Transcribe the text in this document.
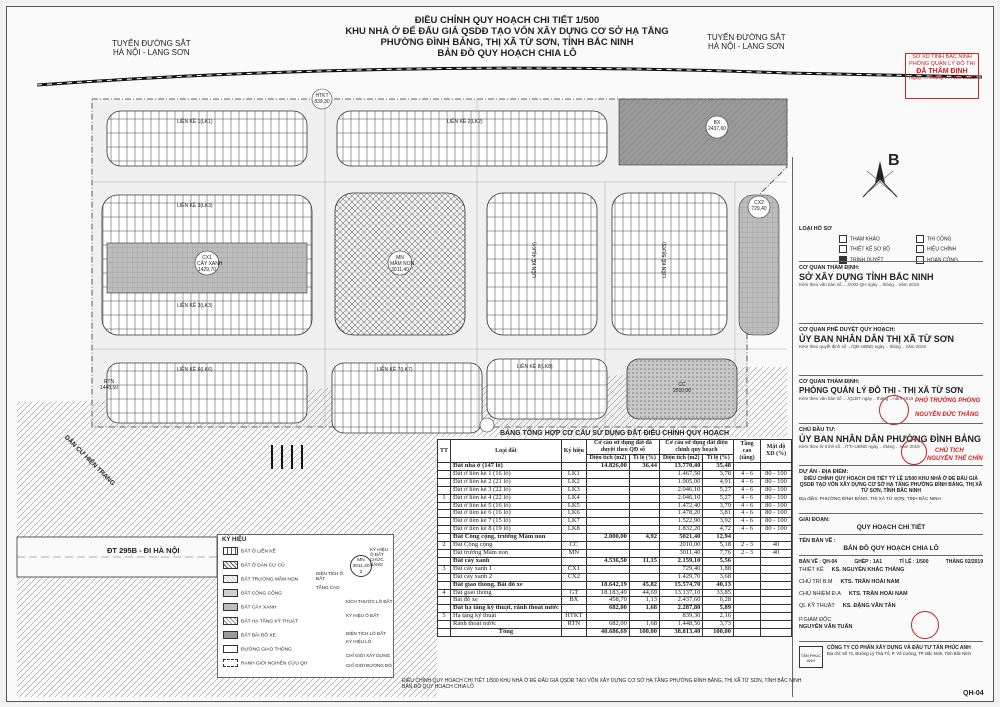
ĐIỀU CHỈNH QUY HOẠCH CHI TIẾT 1/500
KHU NHÀ Ở ĐỂ ĐẤU GIÁ QSDĐ TẠO VỐN XÂY DỰNG CƠ SỞ HẠ TẦNG
PHƯỜNG ĐÌNH BẢNG, THỊ XÃ TỪ SƠN, TỈNH BẮC NINH
BẢN ĐỒ QUY HOẠCH CHIA LÔ
TUYẾN ĐƯỜNG SẮT
HÀ NỘI - LẠNG SƠN
TUYẾN ĐƯỜNG SẮT
HÀ NỘI - LẠNG SƠN
SỞ XD TỈNH BẮC NINH
PHÒNG QUẢN LÝ ĐÔ THỊ
ĐÃ THẨM ĐỊNH
Ngày ... tháng ... năm 2019
LIỀN KỀ 1(LK1)	LIỀN KỀ 2(LK2)
LIỀN KỀ 3(LK3)
LIỀN KỀ 4(LK4)	LIỀN KỀ 5(LK5)
LIỀN KỀ 6(LK6)	LIỀN KỀ 7(LK7)	LIỀN KỀ 8(LK8)
LIỀN KỀ 3(LK3)
CX1
CÂY XANH
1429,70
MN
MẦM NON
3011,40
CX2
729,40
BX
2437,60
CC
2010,00
HTKT
839,30
RTN
1448,50
ĐT 295B - ĐI HÀ NỘI
DÂN CƯ HIỆN TRẠNG
KÝ HIỆU
ĐẤT Ở LIỀN KỀ
ĐẤT Ở DÂN CƯ CŨ
ĐẤT TRƯỜNG MẦM NON
ĐẤT CÔNG CỘNG
ĐẤT CÂY XANH
ĐẤT HẠ TẦNG KỸ THUẬT
ĐẤT BÃI ĐỖ XE
ĐƯỜNG GIAO THÔNG
RANH GIỚI NGHIÊN CỨU QH
MN
3011,40
2
KÝ HIỆU Ô ĐẤT CHỨC NĂNG
DIỆN TÍCH Ô ĐẤT
TẦNG CAO
KÍCH THƯỚC LÔ ĐẤT
KÝ HIỆU Ô ĐẤT
DIỆN TÍCH LÔ ĐẤT
KÝ HIỆU LÔ
CHỈ GIỚI XÂY DỰNG
CHỈ GIỚI ĐƯỜNG ĐỎ
BẢNG TỔNG HỢP CƠ CẤU SỬ DỤNG ĐẤT ĐIỀU CHỈNH QUY HOẠCH
TT	Loại đất	Ký hiệu	Cơ cấu sử dụng đất đã duyệt theo QĐ số		Cơ cấu sử dụng đất điều chỉnh quy hoạch		Tầng cao (tầng)	Mật độ XD (%)
			Diện tích (m2)	Tỉ lệ (%)	Diện tích (m2)	Tỉ lệ (%)		
	Đất nhà ở (147 lô)		14.826,00	36,44	13.770,40	35,48		
	Đất ở liền kề 1 (16 lô)	LK1			1.467,50	3,78	4 - 6	80 - 100
	Đất ở liền kề 2 (21 lô)	LK2			1.905,00	4,91	4 - 6	80 - 100
	Đất ở liền kề 3 (22 lô)	LK3			2.046,10	5,27	4 - 6	80 - 100
1	Đất ở liền kề 4 (22 lô)	LK4			2.046,10	5,27	4 - 6	80 - 100
	Đất ở liền kề 5 (16 lô)	LK5			1.472,40	3,79	4 - 6	80 - 100
	Đất ở liền kề 6 (16 lô)	LK6			1.478,20	3,81	4 - 6	80 - 100
	Đất ở liền kề 7 (15 lô)	LK7			1.522,90	3,92	4 - 6	80 - 100
	Đất ở liền kề 8 (19 lô)	LK8			1.832,20	4,72	4 - 6	80 - 100
	Đất Công cộng, trường Mầm non		2.000,00	4,92	5021,40	12,94		
2	Đất Công cộng	CC			2010,00	5,18	2 - 3	40
	Đất trường Mầm non	MN			3011,40	7,76	2 - 3	40
	Đất cây xanh		4.536,50	11,15	2.159,10	5,56		
3	Đất cây xanh 1	CX1			729,40	1,88		
	Đất cây xanh 2	CX2			1.429,70	3,68		
	Đất giao thông, Bãi đỗ xe		18.642,19	45,82	15.574,70	40,13		
4	Đất giao thông	GT	18.183,49	44,69	13.137,10	33,85		
	Bãi đỗ xe	BX	458,70	1,13	2.437,60	6,28		
	Đất hạ tầng kỹ thuật, rãnh thoát nước		682,00	1,68	2.287,80	5,89		
5	Hạ tầng kỹ thuật	HTKT			839,30	2,16		
	Rãnh thoát nước	RTN	682,00	1,68	1.448,50	3,73		
	Tổng		40.686,69	100,00	38.813,40	100,00		
B
LOẠI HỒ SƠ
THAM KHẢO	THI CÔNG
THIẾT KẾ SƠ BỘ	HIỆU CHỈNH
TRÌNH DUYỆT	HOÀN CÔNG
CƠ QUAN THẨM ĐỊNH:
SỞ XÂY DỰNG TỈNH BẮC NINH
Kèm theo văn bản số ..../SXD-QH ngày .. tháng .. năm 2019
CƠ QUAN PHÊ DUYỆT QUY HOẠCH:
ỦY BAN NHÂN DÂN THỊ XÃ TỪ SƠN
Kèm theo quyết định số .../QĐ-UBND ngày .. tháng .. năm 2019
CƠ QUAN THẨM ĐỊNH:
PHÒNG QUẢN LÝ ĐÔ THỊ - THỊ XÃ TỪ SƠN
Kèm theo văn bản số ..../QLĐT ngày .. tháng .. năm 2019 PHÓ TRƯỞNG PHÒNG
NGUYỄN ĐỨC THẮNG
CHỦ ĐẦU TƯ:
ỦY BAN NHÂN DÂN PHƯỜNG ĐÌNH BẢNG
Kèm theo tờ trình số .../TTr-UBND ngày .. tháng .. năm 2019
CHỦ TỊCH
NGUYỄN THẾ CHÍN
DỰ ÁN - ĐỊA ĐIỂM:
ĐIỀU CHỈNH QUY HOẠCH CHI TIẾT TỶ LỆ 1/500 KHU NHÀ Ở ĐỂ ĐẤU GIÁ QSDĐ TẠO VỐN XÂY DỰNG CƠ SỞ HẠ TẦNG PHƯỜNG ĐÌNH BẢNG, THỊ XÃ TỪ SƠN, TỈNH BẮC NINH
Địa điểm: PHƯỜNG ĐÌNH BẢNG, THỊ XÃ TỪ SƠN, TỈNH BẮC NINH
GIAI ĐOẠN:
QUY HOẠCH CHI TIẾT
TÊN BẢN VẼ :
BẢN ĐỒ QUY HOẠCH CHIA LÔ
BẢN VẼ : QH-04	GHÉP : 1A1	TỈ LỆ : 1/500	THÁNG 02/2019
THIẾT KẾ KS. NGUYỄN KHẮC THẮNG
CHỦ TRÌ B.M KTS. TRẦN HOÀI NAM
CHỦ NHIỆM Đ.A KTS. TRẦN HOÀI NAM
QL KỸ THUẬT KS. ĐẶNG VĂN TÂN
P.GIÁM ĐỐC
NGUYỄN VĂN TUẤN
TÂN PHÚC ANH
CÔNG TY CỔ PHẦN XÂY DỰNG VÀ ĐẦU TƯ TÂN PHÚC ANH
Địa chỉ: Số 71, Đường Lý Thái Tổ, P. Võ Cường, TP. Bắc Ninh, Tỉnh Bắc Ninh
ĐIỀU CHỈNH QUY HOẠCH CHI TIẾT 1/500 KHU NHÀ Ở ĐỂ ĐẤU GIÁ QSDĐ TẠO VỐN XÂY DỰNG CƠ SỞ HẠ TẦNG PHƯỜNG ĐÌNH BẢNG, THỊ XÃ TỪ SƠN, TỈNH BẮC NINH
BẢN ĐỒ QUY HOẠCH CHIA LÔ
QH-04
